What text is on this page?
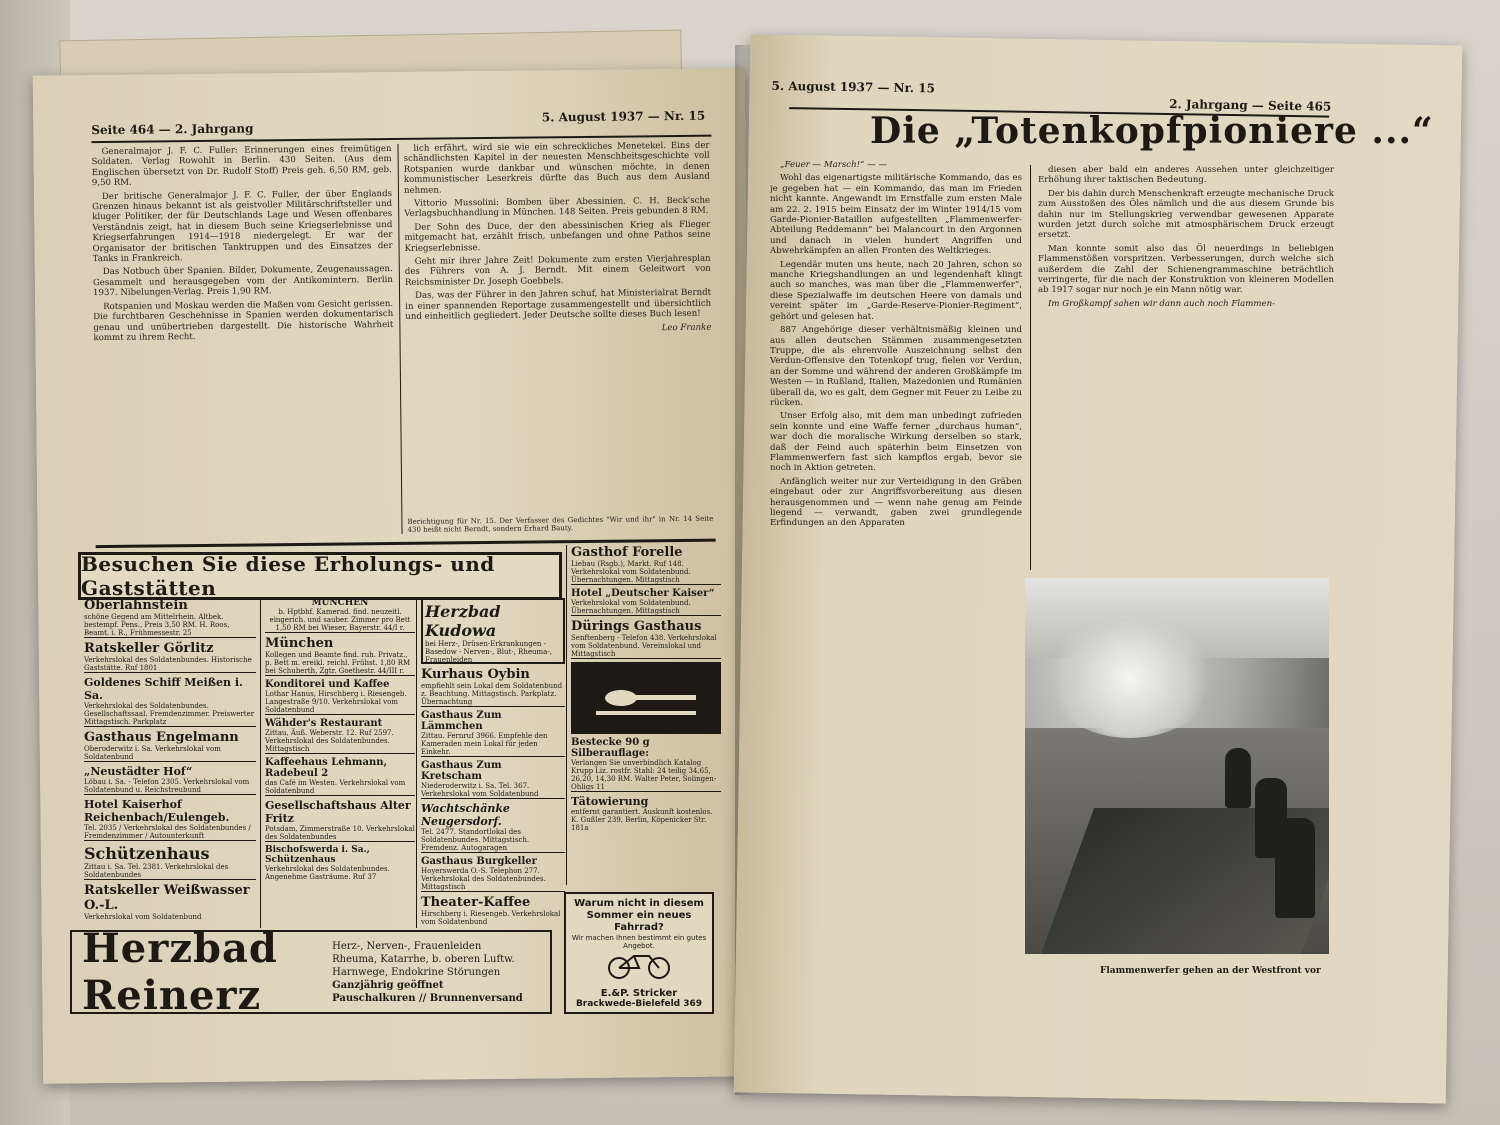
Seite 464 — 2. Jahrgang
5. August 1937 — Nr. 15

Generalmajor J. F. C. Fuller: Erinnerungen eines freimütigen Soldaten. Verlag Rowohlt in Berlin. 430 Seiten. (Aus dem Englischen übersetzt von Dr. Rudolf Stoff) Preis geh. 6,50 RM, geb. 9,50 RM.

Der britische Generalmajor J. F. C. Fuller, der über Englands Grenzen hinaus bekannt ist als geistvoller Militärschriftsteller und kluger Politiker, der für Deutschlands Lage und Wesen offenbares Verständnis zeigt, hat in diesem Buch seine Kriegserlebnisse und Kriegserfahrungen 1914—1918 niedergelegt. Er war der Organisator der britischen Tanktruppen und des Einsatzes der Tanks in Frankreich.

Das Notbuch über Spanien. Bilder, Dokumente, Zeugenaussagen. Gesammelt und herausgegeben vom der Antikomintern. Berlin 1937. Nibelungen-Verlag. Preis 1,90 RM.

Rotspanien und Moskau werden die Maßen vom Gesicht gerissen. Die furchtbaren Geschehnisse in Spanien werden dokumentarisch genau und unübertrieben dargestellt. Die historische Wahrheit kommt zu ihrem Recht.

lich erfährt, wird sie wie ein schreckliches Menetekel. Eins der schändlichsten Kapitel in der neuesten Menschheitsgeschichte voll Rotspanien wurde dankbar und wünschen möchte, in denen kommunistischer Leserkreis dürfte das Buch aus dem Ausland nehmen.

Vittorio Mussolini: Bomben über Abessinien. C. H. Beck'sche Verlagsbuchhandlung in München. 148 Seiten. Preis gebunden 8 RM.

Der Sohn des Duce, der den abessinischen Krieg als Flieger mitgemacht hat, erzählt frisch, unbefangen und ohne Pathos seine Kriegserlebnisse.

Geht mir ihrer Jahre Zeit! Dokumente zum ersten Vierjahresplan des Führers von A. J. Berndt. Mit einem Geleitwort von Reichsminister Dr. Joseph Goebbels.

Das, was der Führer in den Jahren schuf, hat Ministerialrat Berndt in einer spannenden Reportage zusammengestellt und übersichtlich und einheitlich gegliedert. Jeder Deutsche sollte dieses Buch lesen!

Leo Franke

Berichtigung für Nr. 15. Der Verfasser des Gedichtes "Wir und ihr" in Nr. 14 Seite 430 heißt nicht Berndt, sondern Erhard Bauty.
Besuchen Sie diese Erholungs- und Gaststätten
Oberlahnstein
schöne Gegend am Mittelrhein. Altbek. bestempf. Pens., Preis 3,50 RM. H. Roos, Beamt. i. R., Frühmessestr. 25
Ratskeller Görlitz
Verkehrslokal des Soldatenbundes. Historische Gaststätte. Ruf 1801
Goldenes Schiff Meißen i. Sa.
Verkehrslokal des Soldatenbundes. Gesellschaftssaal. Fremdenzimmer. Preiswerter Mittagstisch. Parkplatz
Gasthaus Engelmann
Oberoderwitz i. Sa. Verkehrslokal vom Soldatenbund
„Neustädter Hof“
Löbau i. Sa. - Telefon 2305. Verkehrslokal vom Soldatenbund u. Reichstreubund
Hotel Kaiserhof Reichenbach/Eulengeb.
Tel. 2035 / Verkehrslokal des Soldatenbundes / Fremdenzimmer / Autounterkunft
Schützenhaus
Zittau i. Sa. Tel. 2381. Verkehrslokal des Soldatenbundes
Ratskeller Weißwasser O.-L.
Verkehrslokal vom Soldatenbund
MÜNCHEN
b. Hptbhf. Kamerad. find. neuzeitl. eingerich. und sauber. Zimmer pro Bett 1,50 RM bei Wieser, Bayerstr. 44/I r.
München
Kollegen und Beamte find. ruh. Privatz., p. Bett m. ereikl. reichl. Frühst. 1,80 RM bei Schuberth, Zgtr. Goethestr. 44/III r.
Konditorei und Kaffee
Lothar Hanus, Hirschberg i. Riesengeb. Langestraße 9/10. Verkehrslokal vom Soldatenbund
Wähder's Restaurant
Zittau, Äuß. Weberstr. 12. Ruf 2597. Verkehrslokal des Soldatenbundes. Mittagstisch
Kaffeehaus Lehmann, Radebeul 2
das Café im Westen. Verkehrslokal vom Soldatenbund
Gesellschaftshaus Alter Fritz
Potsdam, Zimmerstraße 10. Verkehrslokal des Soldatenbundes
Bischofswerda i. Sa., Schützenhaus
Verkehrslokal des Soldatenbundes. Angenehme Gasträume. Ruf 37
Herzbad Kudowa
bei Herz-, Drüsen-Erkrankungen - Basedow - Nerven-, Blut-, Rheuma-, Frauenleiden
Kurhaus Oybin
empfiehlt sein Lokal dem Soldatenbund z. Beachtung. Mittagstisch. Parkplatz. Übernachtung
Gasthaus Zum Lämmchen
Zittau. Fernruf 3966. Empfehle den Kameraden mein Lokal für jeden Einkehr.
Gasthaus Zum Kretscham
Niederoderwitz i. Sa. Tel. 367. Verkehrslokal vom Soldatenbund
Wachtschänke Neugersdorf.
Tel. 2477. Standortlokal des Soldatenbundes. Mittagstisch. Fremdenz. Autogaragen
Gasthaus Burgkeller
Hoyerswerda O.-S. Telephon 277. Verkehrslokal des Soldatenbundes. Mittagstisch
Theater-Kaffee
Hirschberg i. Riesengeb. Verkehrslokal vom Soldatenbund
Gasthof Forelle
Liebau (Rsgb.), Markt. Ruf 148. Verkehrslokal vom Soldatenbund. Übernachtungen. Mittagstisch
Hotel „Deutscher Kaiser“
Verkehrslokal vom Soldatenbund. Übernachtungen. Mittagstisch
Dürings Gasthaus
Senftenberg - Telefon 438. Verkehrslokal vom Soldatenbund. Vereinslokal und Mittagstisch
Bestecke 90 g Silberauflage:
Verlangen Sie unverbindlich Katalog Krupp Liz. rostfr. Stahl: 24 teilig 34,65, 26,20, 14,30 RM. Walter Peter, Solingen-Ohligs 11
Tätowierung
entfernt garantiert. Auskunft kostenlos. K. Gußler 239, Berlin, Köpenicker Str. 181a
Herzbad Reinerz
Herz-, Nerven-, Frauenleiden
Rheuma, Katarrhe, b. oberen Luftw. Harnwege, Endokrine Störungen
Ganzjährig geöffnet
Pauschalkuren // Brunnenversand
Warum nicht in diesem Sommer ein neues Fahrrad?
Wir machen Ihnen bestimmt ein gutes Angebot.
E.&P. Stricker
Brackwede-Bielefeld 369
5. August 1937 — Nr. 15
2. Jahrgang — Seite 465
Die „Totenkopfpioniere ...“

„Feuer — Marsch!“ — —

Wohl das eigenartigste militärische Kommando, das es je gegeben hat — ein Kommando, das man im Frieden nicht kannte. Angewandt im Ernstfalle zum ersten Male am 22. 2. 1915 beim Einsatz der im Winter 1914/15 vom Garde-Pionier-Bataillon aufgestellten „Flammenwerfer-Abteilung Reddemann“ bei Malancourt in den Argonnen und danach in vielen hundert Angriffen und Abwehrkämpfen an allen Fronten des Weltkrieges.

Legendär muten uns heute, nach 20 Jahren, schon so manche Kriegshandlungen an und legendenhaft klingt auch so manches, was man über die „Flammenwerfer“, diese Spezialwaffe im deutschen Heere von damals und vereint später im „Garde-Reserve-Pionier-Regiment“, gehört und gelesen hat.

887 Angehörige dieser verhältnismäßig kleinen und aus allen deutschen Stämmen zusammengesetzten Truppe, die als ehrenvolle Auszeichnung selbst den Verdun-Offensive den Totenkopf trug, fielen vor Verdun, an der Somme und während der anderen Großkämpfe im Westen — in Rußland, Italien, Mazedonien und Rumänien überall da, wo es galt, dem Gegner mit Feuer zu Leibe zu rücken.

Unser Erfolg also, mit dem man unbedingt zufrieden sein konnte und eine Waffe ferner „durchaus human“, war doch die moralische Wirkung derselben so stark, daß der Feind auch späterhin beim Einsetzen von Flammenwerfern fast sich kampflos ergab, bevor sie noch in Aktion getreten.

Anfänglich weiter nur zur Verteidigung in den Gräben eingebaut oder zur Angriffsvorbereitung aus diesen herausgenommen und — wenn nahe genug am Feinde liegend — verwandt, gaben zwei grundlegende Erfindungen an den Apparaten

diesen aber bald ein anderes Aussehen unter gleichzeitiger Erhöhung ihrer taktischen Bedeutung.

Der bis dahin durch Menschenkraft erzeugte mechanische Druck zum Ausstoßen des Öles nämlich und die aus diesem Grunde bis dahin nur im Stellungskrieg verwendbar gewesenen Apparate wurden jetzt durch solche mit atmosphärischem Druck erzeugt ersetzt.

Man konnte somit also das Öl neuerdings in beliebigen Flammenstößen vorspritzen. Verbesserungen, durch welche sich außerdem die Zahl der Schienengrammaschine beträchtlich verringerte, für die nach der Konstruktion von kleineren Modellen ab 1917 sogar nur noch je ein Mann nötig war.

Im Großkampf sahen wir dann auch noch Flammen-

Flammenwerfer gehen an der Westfront vor
